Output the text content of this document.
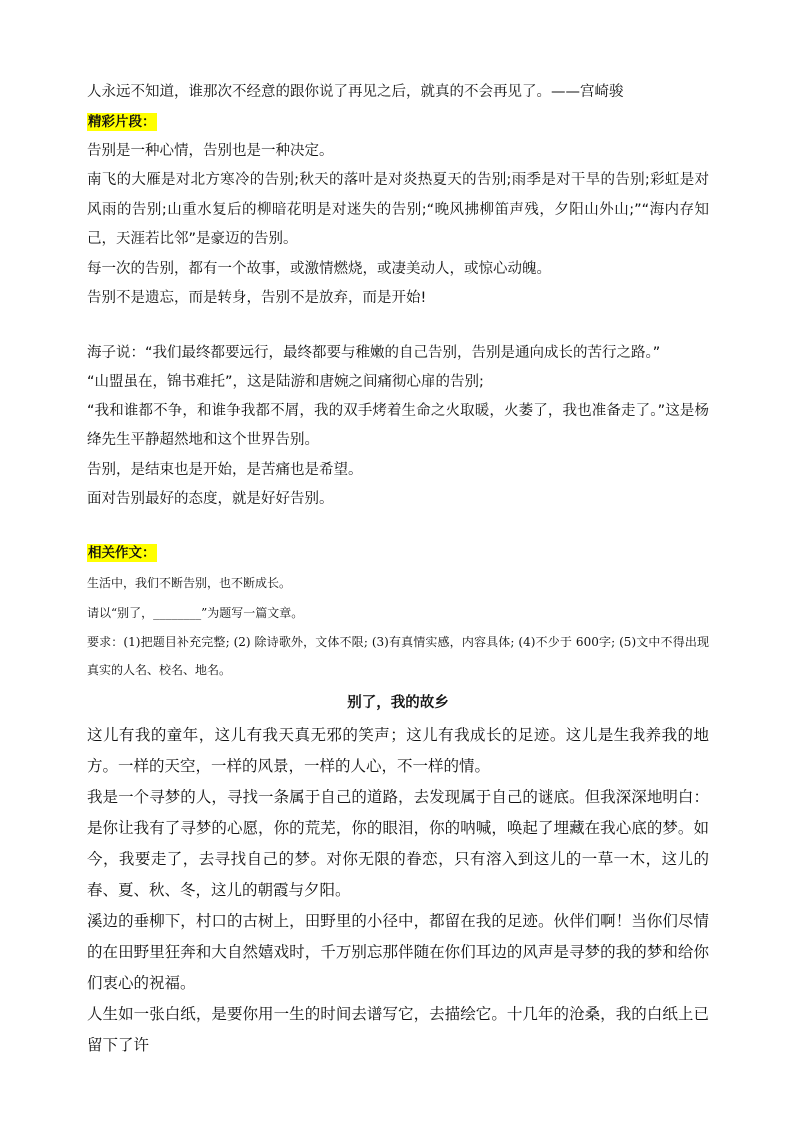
人永远不知道，谁那次不经意的跟你说了再见之后，就真的不会再见了。——宫崎骏

精彩片段：

告别是一种心情，告别也是一种决定。

南飞的大雁是对北方寒冷的告别;秋天的落叶是对炎热夏天的告别;雨季是对干旱的告别;彩虹是对风雨的告别;山重水复后的柳暗花明是对迷失的告别;“晚风拂柳笛声残，夕阳山外山;”“海内存知己，天涯若比邻”是豪迈的告别。

每一次的告别，都有一个故事，或激情燃烧，或凄美动人，或惊心动魄。

告别不是遗忘，而是转身，告别不是放弃，而是开始!

海子说：“我们最终都要远行，最终都要与稚嫩的自己告别，告别是通向成长的苦行之路。”

“山盟虽在，锦书难托”，这是陆游和唐婉之间痛彻心扉的告别;

“我和谁都不争，和谁争我都不屑，我的双手烤着生命之火取暖，火萎了，我也准备走了。”这是杨绛先生平静超然地和这个世界告别。

告别，是结束也是开始，是苦痛也是希望。

面对告别最好的态度，就是好好告别。

相关作文：

生活中，我们不断告别，也不断成长。

请以“别了，________”为题写一篇文章。

要求：(1)把题目补充完整; (2) 除诗歌外，文体不限; (3)有真情实感，内容具体; (4)不少于 600字; (5)文中不得出现真实的人名、校名、地名。

别了，我的故乡

这儿有我的童年，这儿有我天真无邪的笑声；这儿有我成长的足迹。这儿是生我养我的地方。一样的天空，一样的风景，一样的人心，不一样的情。

我是一个寻梦的人，寻找一条属于自己的道路，去发现属于自己的谜底。但我深深地明白：是你让我有了寻梦的心愿，你的荒芜，你的眼泪，你的呐喊，唤起了埋藏在我心底的梦。如今，我要走了，去寻找自己的梦。对你无限的眷恋，只有溶入到这儿的一草一木，这儿的春、夏、秋、冬，这儿的朝霞与夕阳。

溪边的垂柳下，村口的古树上，田野里的小径中，都留在我的足迹。伙伴们啊！当你们尽情的在田野里狂奔和大自然嬉戏时，千万别忘那伴随在你们耳边的风声是寻梦的我的梦和给你们衷心的祝福。

人生如一张白纸，是要你用一生的时间去谱写它，去描绘它。十几年的沧桑，我的白纸上已留下了许
